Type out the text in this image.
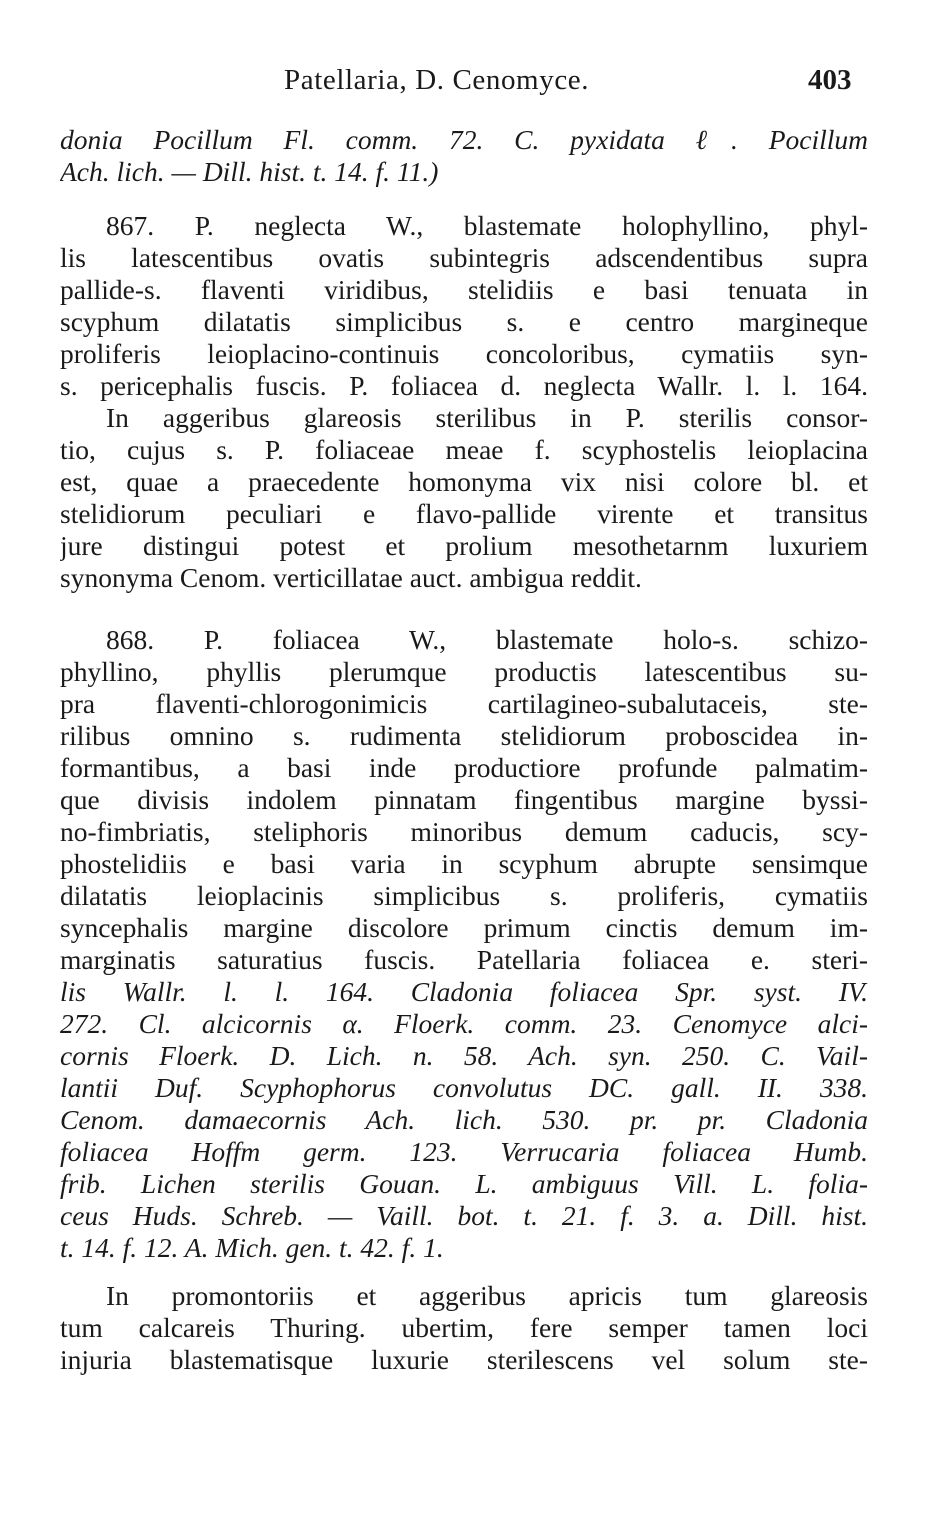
Patellaria, D. Cenomyce.	403
donia Pocillum Fl. comm. 72. C. pyxidata ℓ. Pocillum
Ach. lich. — Dill. hist. t. 14. f. 11.)
867. P. neglecta W., blastemate holophyllino, phyl-
lis latescentibus ovatis subintegris adscendentibus supra
pallide-s. flaventi viridibus, stelidiis e basi tenuata in
scyphum dilatatis simplicibus s. e centro margineque
proliferis leioplacino-continuis concoloribus, cymatiis syn-
s. pericephalis fuscis. P. foliacea d. neglecta Wallr. l. l. 164.
In aggeribus glareosis sterilibus in P. sterilis consor-
tio, cujus s. P. foliaceae meae f. scyphostelis leioplacina
est, quae a praecedente homonyma vix nisi colore bl. et
stelidiorum peculiari e flavo-pallide virente et transitus
jure distingui potest et prolium mesothetarnm luxuriem
synonyma Cenom. verticillatae auct. ambigua reddit.
868. P. foliacea W., blastemate holo-s. schizo-
phyllino, phyllis plerumque productis latescentibus su-
pra flaventi-chlorogonimicis cartilagineo-subalutaceis, ste-
rilibus omnino s. rudimenta stelidiorum proboscidea in-
formantibus, a basi inde productiore profunde palmatim-
que divisis indolem pinnatam fingentibus margine byssi-
no-fimbriatis, steliphoris minoribus demum caducis, scy-
phostelidiis e basi varia in scyphum abrupte sensimque
dilatatis leioplacinis simplicibus s. proliferis, cymatiis
syncephalis margine discolore primum cinctis demum im-
marginatis saturatius fuscis. Patellaria foliacea e. steri-
lis Wallr. l. l. 164. Cladonia foliacea Spr. syst. IV.
272. Cl. alcicornis α. Floerk. comm. 23. Cenomyce alci-
cornis Floerk. D. Lich. n. 58. Ach. syn. 250. C. Vail-
lantii Duf. Scyphophorus convolutus DC. gall. II. 338.
Cenom. damaecornis Ach. lich. 530. pr. pr. Cladonia
foliacea Hoffm germ. 123. Verrucaria foliacea Humb.
frib. Lichen sterilis Gouan. L. ambiguus Vill. L. folia-
ceus Huds. Schreb. — Vaill. bot. t. 21. f. 3. a. Dill. hist.
t. 14. f. 12. A. Mich. gen. t. 42. f. 1.
In promontoriis et aggeribus apricis tum glareosis
tum calcareis Thuring. ubertim, fere semper tamen loci
injuria blastematisque luxurie sterilescens vel solum ste-
